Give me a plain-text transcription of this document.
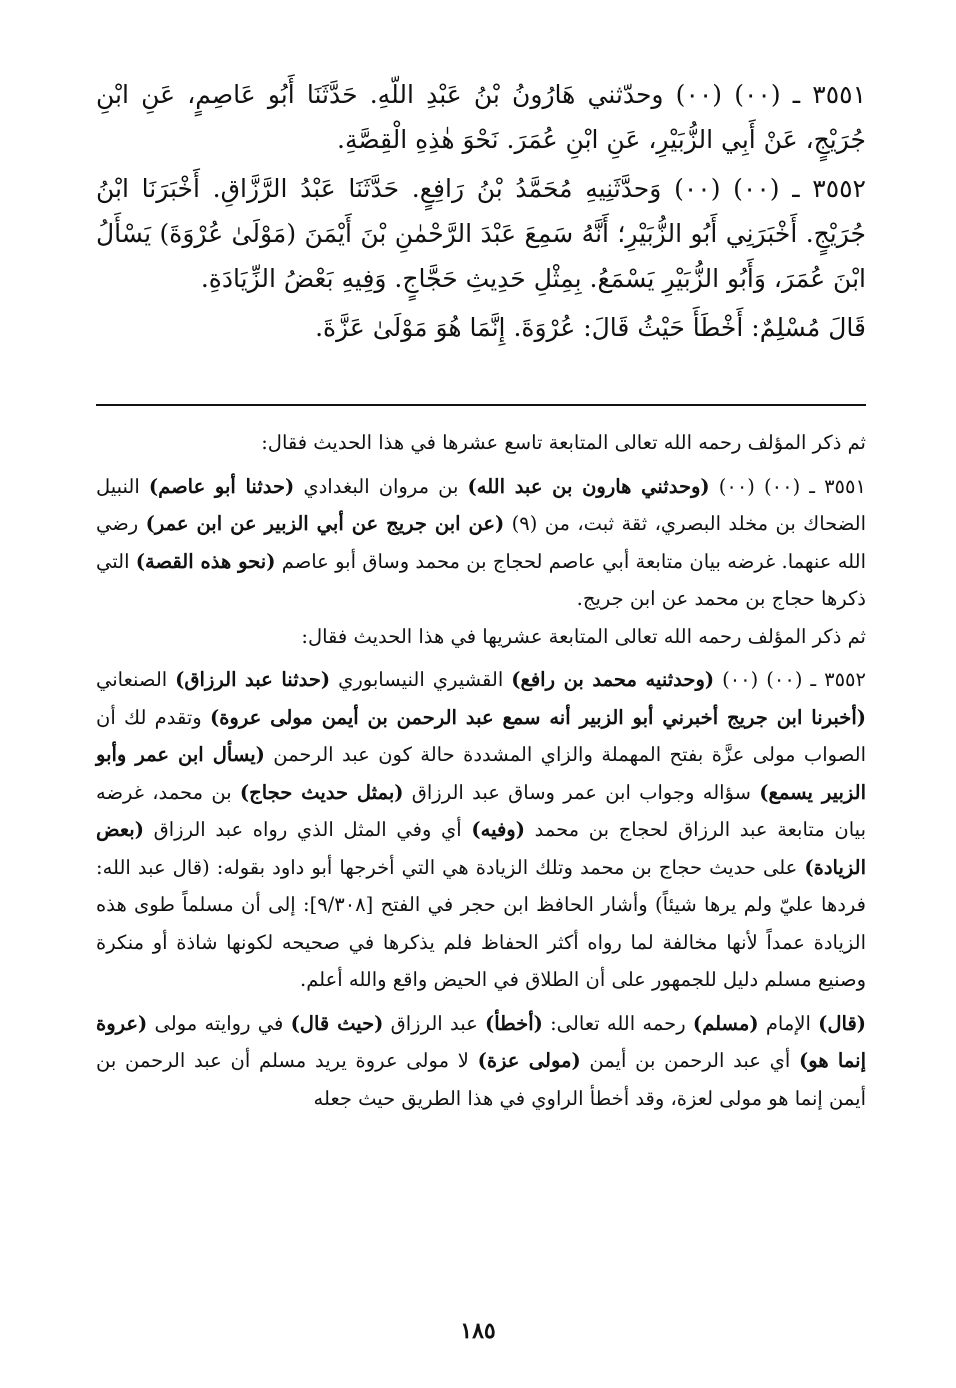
٣٥٥١ ـ (٠٠) (٠٠) وحدّثني هَارُونُ بْنُ عَبْدِ اللّهِ. حَدَّثَنَا أَبُو عَاصِمٍ، عَنِ ابْنِ جُرَيْجٍ، عَنْ أَبِي الزُّبَيْرِ، عَنِ ابْنِ عُمَرَ. نَحْوَ هٰذِهِ الْقِصَّةِ.

٣٥٥٢ ـ (٠٠) (٠٠) وَحدَّثَنِيهِ مُحَمَّدُ بْنُ رَافِعٍ. حَدَّثَنَا عَبْدُ الرَّزَّاقِ. أَخْبَرَنَا ابْنُ جُرَيْجٍ. أَخْبَرَنِي أَبُو الزُّبَيْرِ؛ أَنَّهُ سَمِعَ عَبْدَ الرَّحْمٰنِ بْنَ أَيْمَنَ (مَوْلَىٰ عُرْوَةَ) يَسْأَلُ ابْنَ عُمَرَ، وَأَبُو الزُّبَيْرِ يَسْمَعُ. بِمِثْلِ حَدِيثِ حَجَّاجٍ. وَفِيهِ بَعْضُ الزِّيَادَةِ.

قَالَ مُسْلِمٌ: أَخْطَأَ حَيْثُ قَالَ: عُرْوَةَ. إِنَّمَا هُوَ مَوْلَىٰ عَزَّةَ.

ثم ذكر المؤلف رحمه الله تعالى المتابعة تاسع عشرها في هذا الحديث فقال:

٣٥٥١ ـ (٠٠) (٠٠) (وحدثني هارون بن عبد الله) بن مروان البغدادي (حدثنا أبو عاصم) النبيل الضحاك بن مخلد البصري، ثقة ثبت، من (٩) (عن ابن جريج عن أبي الزبير عن ابن عمر) رضي الله عنهما. غرضه بيان متابعة أبي عاصم لحجاج بن محمد وساق أبو عاصم (نحو هذه القصة) التي ذكرها حجاج بن محمد عن ابن جريج.

ثم ذكر المؤلف رحمه الله تعالى المتابعة عشريها في هذا الحديث فقال:

٣٥٥٢ ـ (٠٠) (٠٠) (وحدثنيه محمد بن رافع) القشيري النيسابوري (حدثنا عبد الرزاق) الصنعاني (أخبرنا ابن جريج أخبرني أبو الزبير أنه سمع عبد الرحمن بن أيمن مولى عروة) وتقدم لك أن الصواب مولى عزَّة بفتح المهملة والزاي المشددة حالة كون عبد الرحمن (يسأل ابن عمر وأبو الزبير يسمع) سؤاله وجواب ابن عمر وساق عبد الرزاق (بمثل حديث حجاج) بن محمد، غرضه بيان متابعة عبد الرزاق لحجاج بن محمد (وفيه) أي وفي المثل الذي رواه عبد الرزاق (بعض الزيادة) على حديث حجاج بن محمد وتلك الزيادة هي التي أخرجها أبو داود بقوله: (قال عبد الله: فردها عليّ ولم يرها شيئاً) وأشار الحافظ ابن حجر في الفتح [٩/٣٠٨]: إلى أن مسلماً طوى هذه الزيادة عمداً لأنها مخالفة لما رواه أكثر الحفاظ فلم يذكرها في صحيحه لكونها شاذة أو منكرة وصنيع مسلم دليل للجمهور على أن الطلاق في الحيض واقع والله أعلم.

(قال) الإمام (مسلم) رحمه الله تعالى: (أخطأ) عبد الرزاق (حيث قال) في روايته مولى (عروة إنما هو) أي عبد الرحمن بن أيمن (مولى عزة) لا مولى عروة يريد مسلم أن عبد الرحمن بن أيمن إنما هو مولى لعزة، وقد أخطأ الراوي في هذا الطريق حيث جعله

١٨٥
